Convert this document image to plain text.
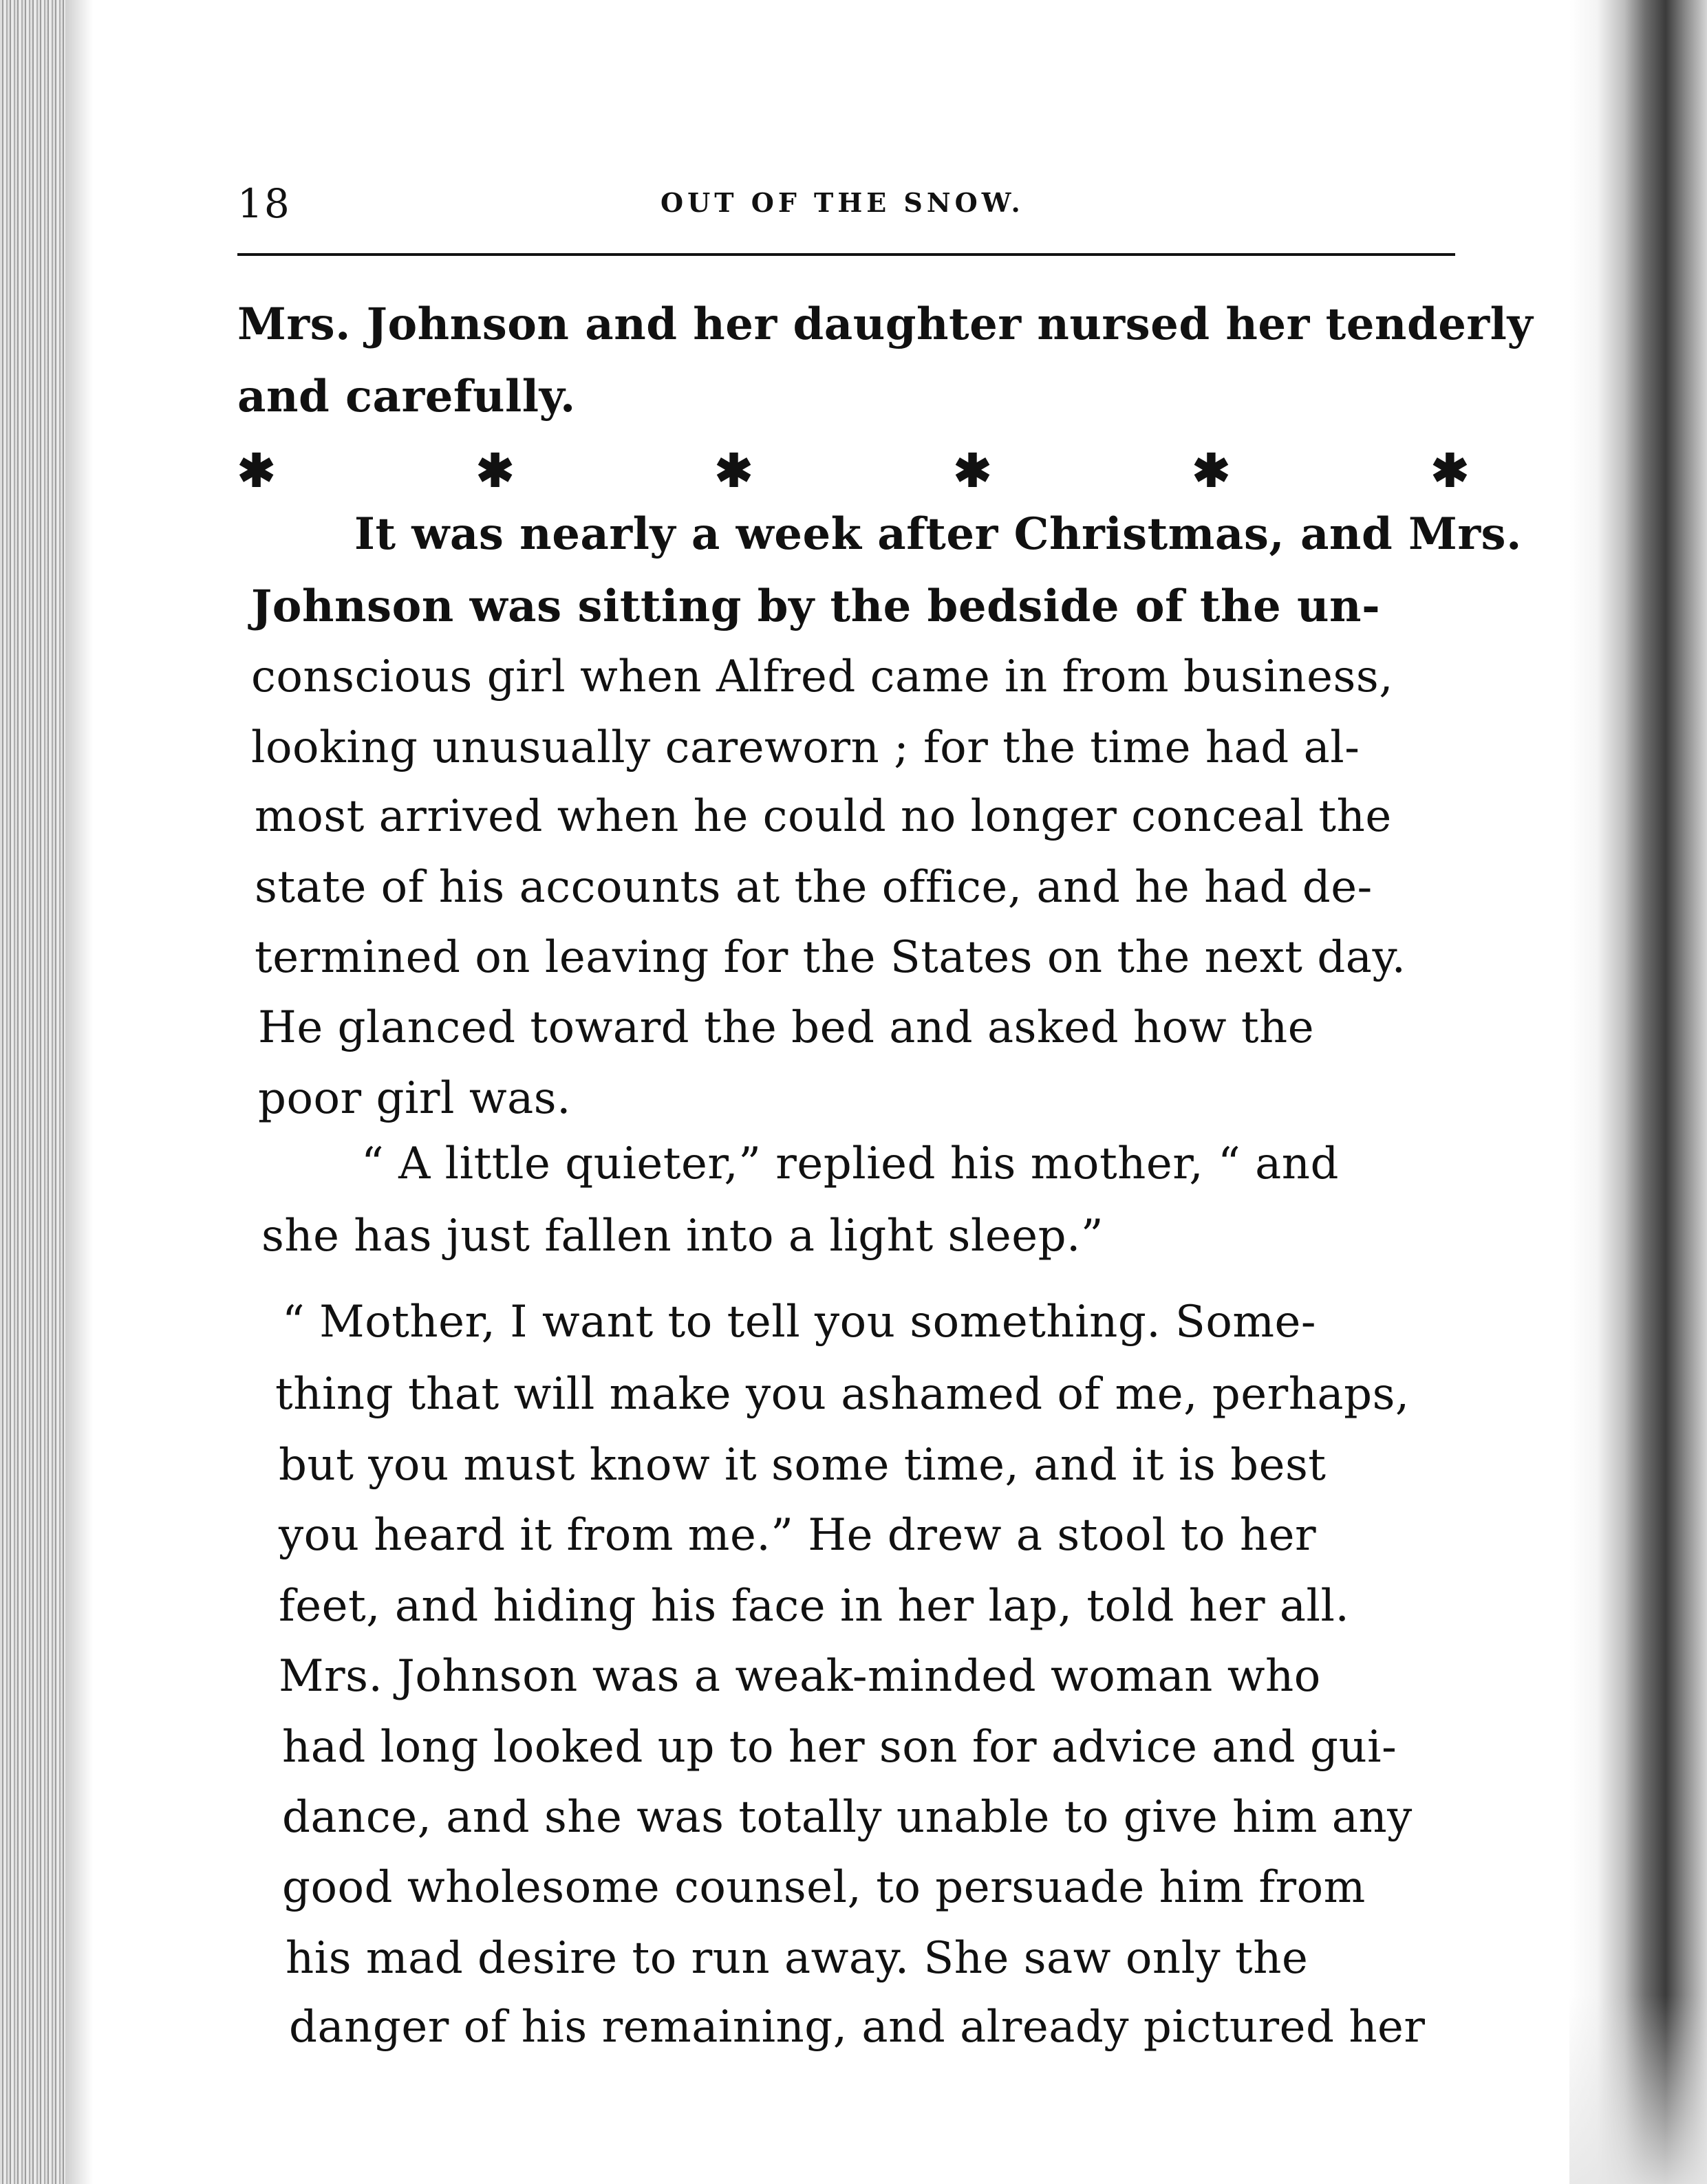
18	OUT OF THE SNOW.
Mrs. Johnson and her daughter nursed her tenderly
and carefully.
✱	✱	✱	✱	✱	✱
It was nearly a week after Christmas, and Mrs.
Johnson was sitting by the bedside of the un-
conscious girl when Alfred came in from business,
looking unusually careworn ; for the time had al-
most arrived when he could no longer conceal the
state of his accounts at the office, and he had de-
termined on leaving for the States on the next day.
He glanced toward the bed and asked how the
poor girl was.
“ A little quieter,” replied his mother, “ and
she has just fallen into a light sleep.”
“ Mother, I want to tell you something. Some-
thing that will make you ashamed of me, perhaps,
but you must know it some time, and it is best
you heard it from me.” He drew a stool to her
feet, and hiding his face in her lap, told her all.
Mrs. Johnson was a weak-minded woman who
had long looked up to her son for advice and gui-
dance, and she was totally unable to give him any
good wholesome counsel, to persuade him from
his mad desire to run away. She saw only the
danger of his remaining, and already pictured her
